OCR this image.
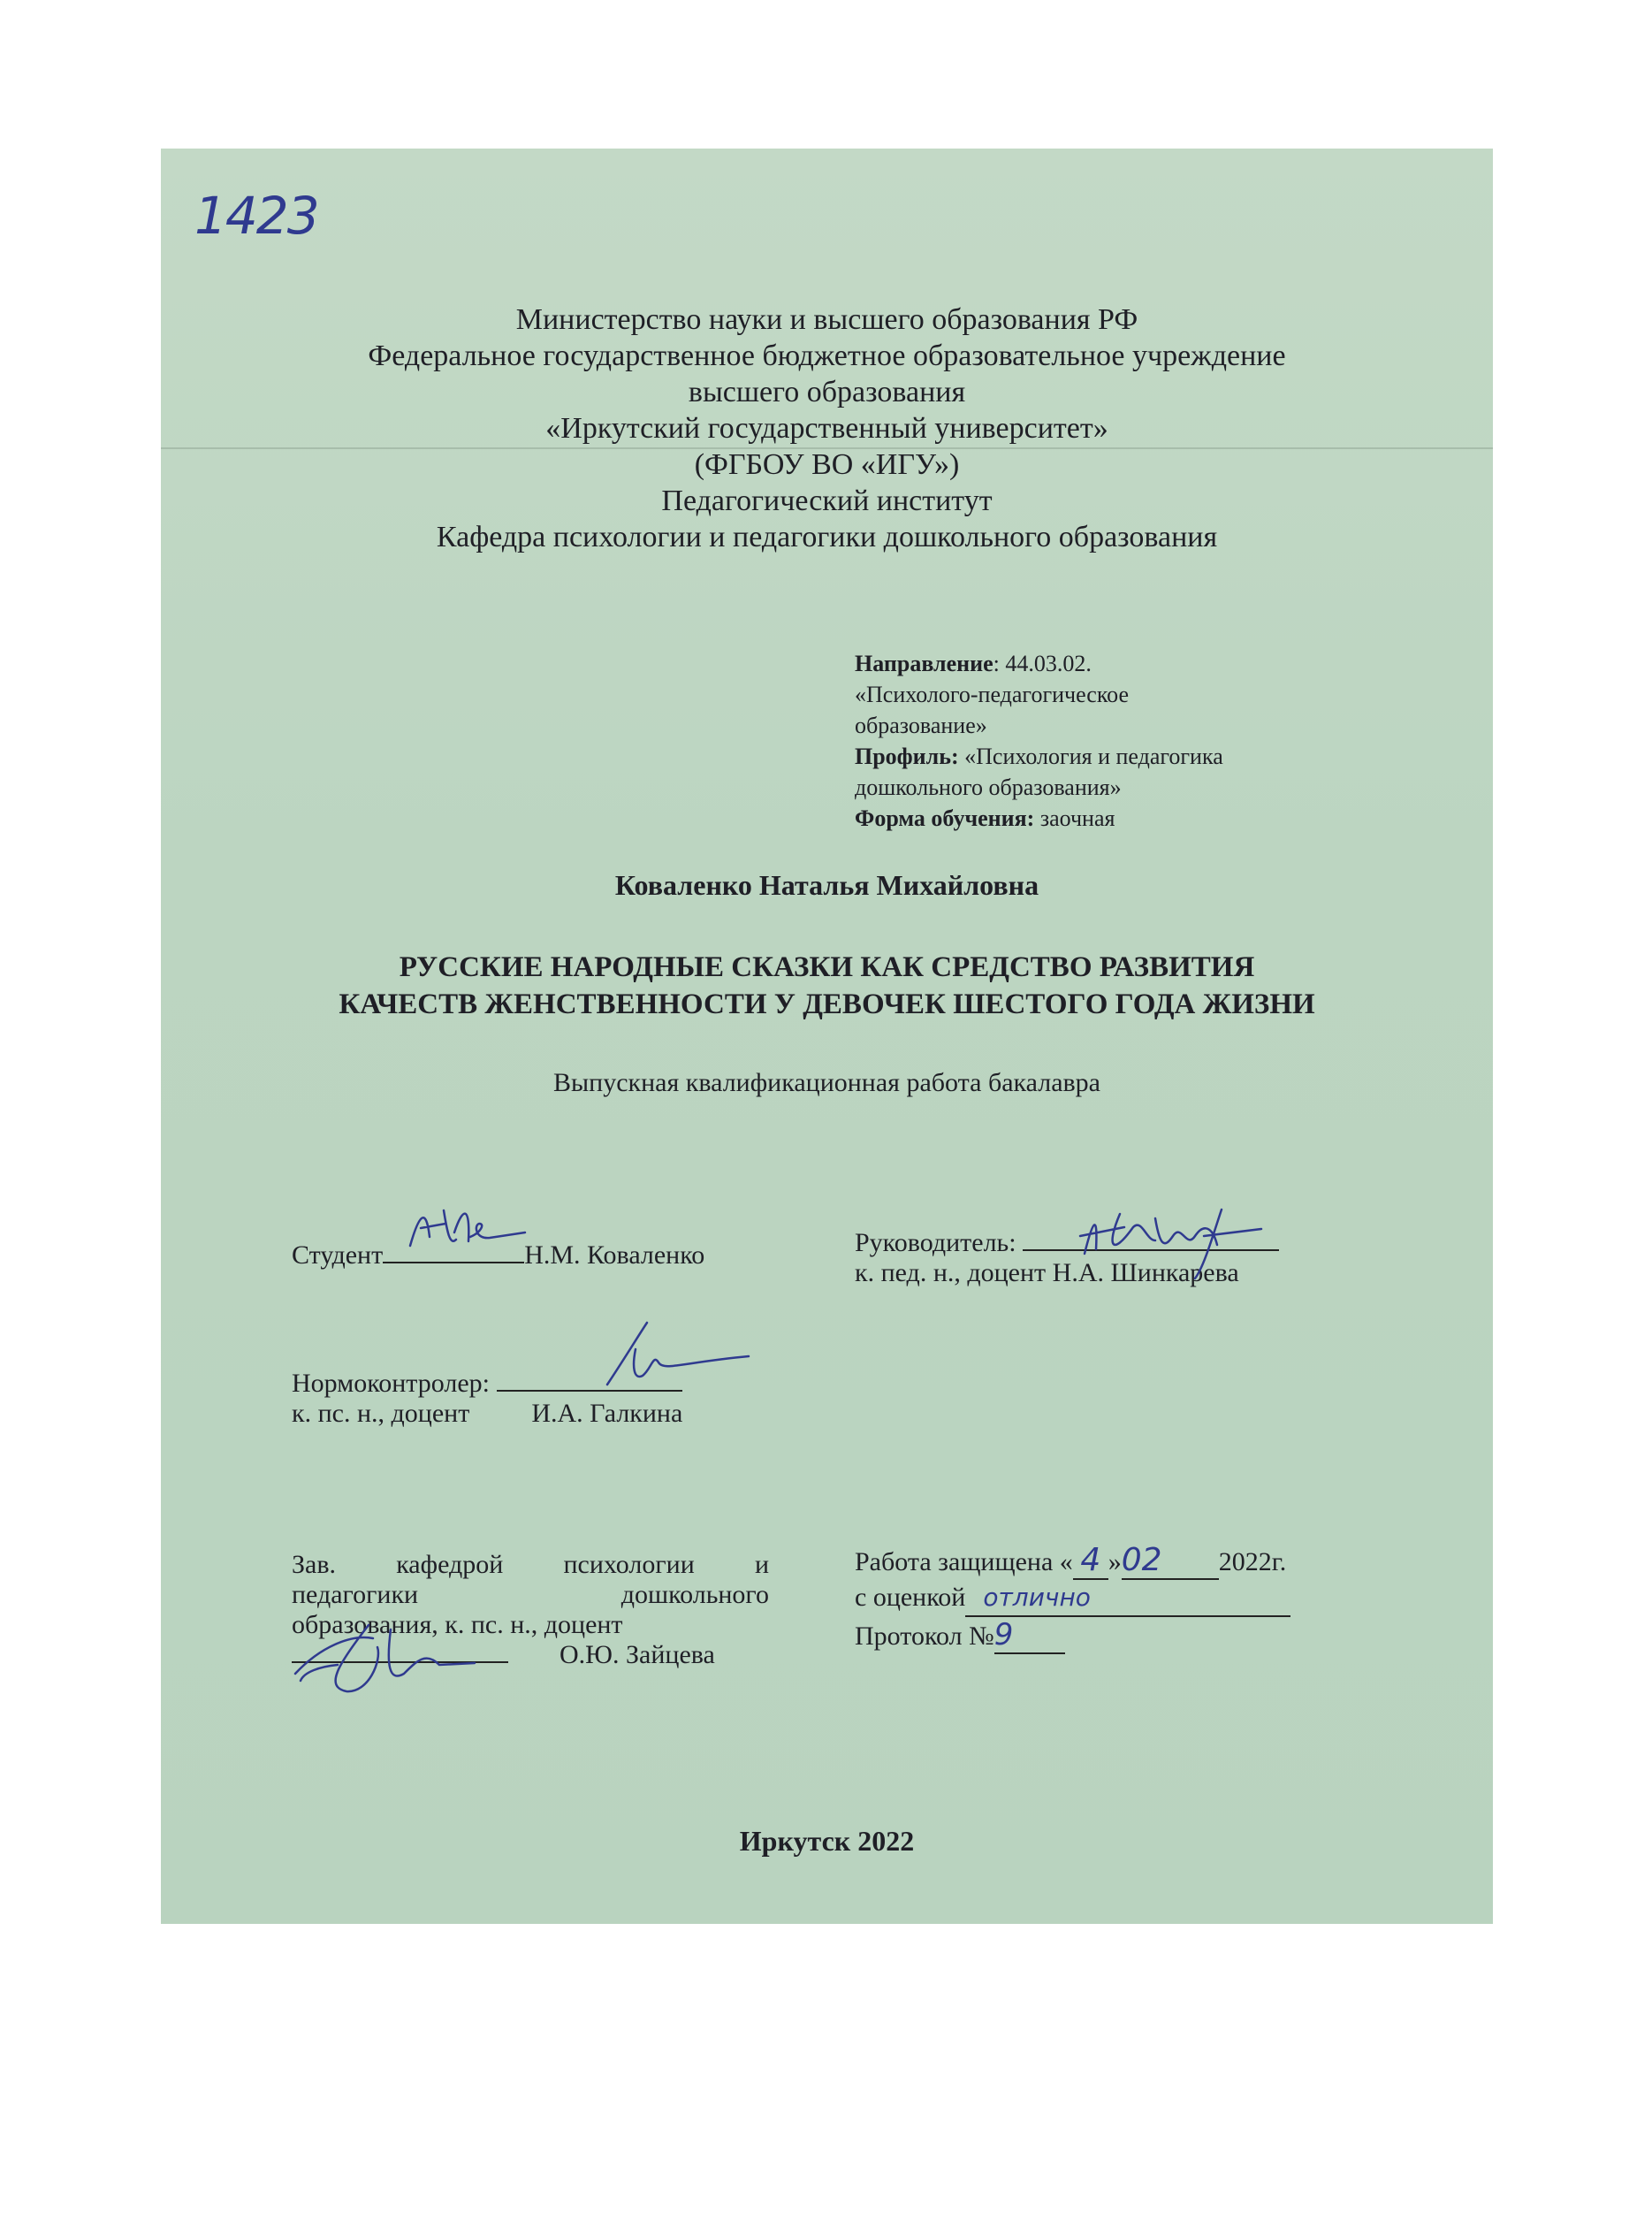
1423
Министерство науки и высшего образования РФ
Федеральное государственное бюджетное образовательное учреждение
высшего образования
«Иркутский государственный университет»
(ФГБОУ ВО «ИГУ»)
Педагогический институт
Кафедра психологии и педагогики дошкольного образования
Направление: 44.03.02.
«Психолого-педагогическое
образование»
Профиль: «Психология и педагогика
дошкольного образования»
Форма обучения: заочная
Коваленко Наталья Михайловна
РУССКИЕ НАРОДНЫЕ СКАЗКИ КАК СРЕДСТВО РАЗВИТИЯ
КАЧЕСТВ ЖЕНСТВЕННОСТИ У ДЕВОЧЕК ШЕСТОГО ГОДА ЖИЗНИ
Выпускная квалификационная работа бакалавра
Студент	Н.М. Коваленко	Руководитель:
к. пед. н., доцент Н.А. Шинкарева
Нормоконтролер:
к. пс. н., доцент И.А. Галкина
Зав. кафедрой психологии и
педагогики	дошкольного
образования, к. пс. н., доцент
О.Ю. Зайцева
Работа защищена « 4 »02 2022г.
с оценкой отлично
Протокол №9
Иркутск 2022
